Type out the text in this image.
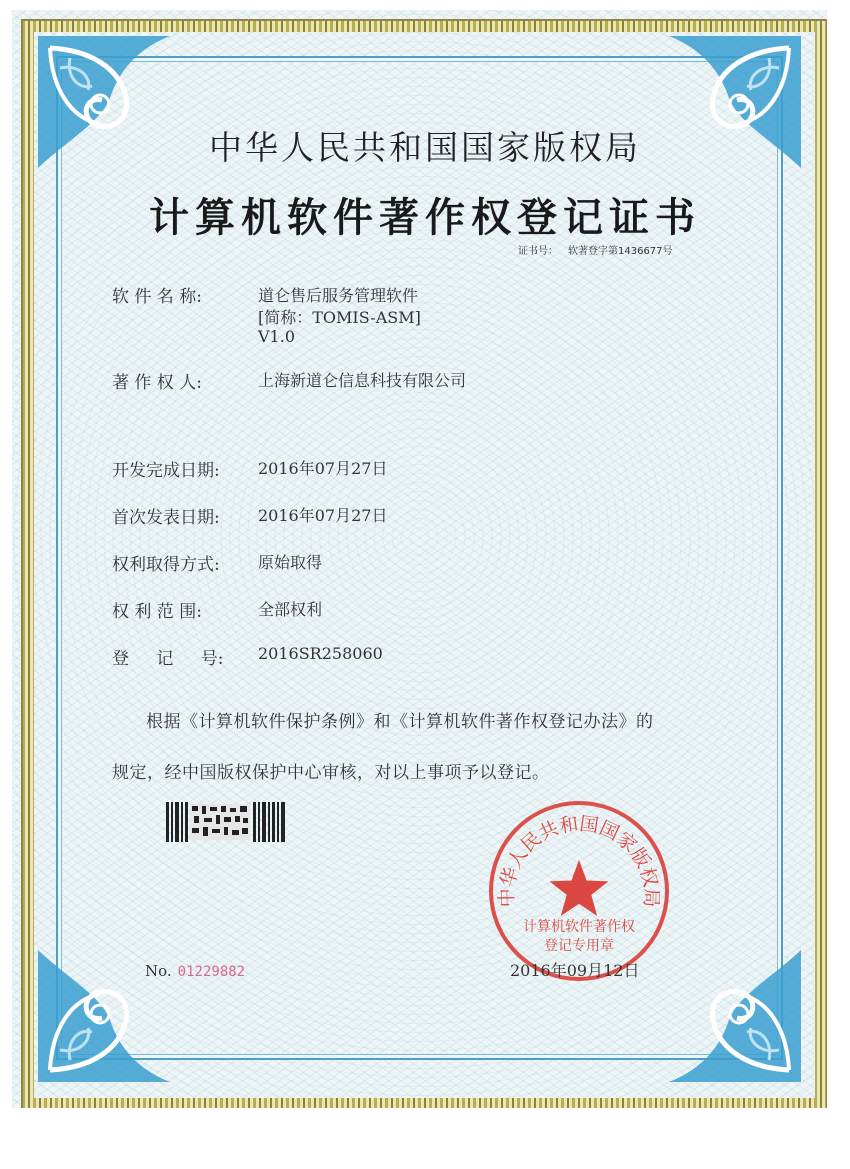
中华人民共和国国家版权局
计算机软件著作权登记证书
证书号： 软著登字第1436677号
软 件 名 称:	道仑售后服务管理软件
[简称：TOMIS-ASM]
V1.0
著 作 权 人:	上海新道仑信息科技有限公司
开发完成日期: 2016年07月27日
首次发表日期: 2016年07月27日
权利取得方式: 原始取得
权 利 范 围:	全部权利
登 记 号: 2016SR258060
根据《计算机软件保护条例》和《计算机软件著作权登记办法》的
规定，经中国版权保护中心审核，对以上事项予以登记。
中华人民共和国国家版权局
计算机软件著作权
登记专用章
No. 01229882	2016年09月12日
